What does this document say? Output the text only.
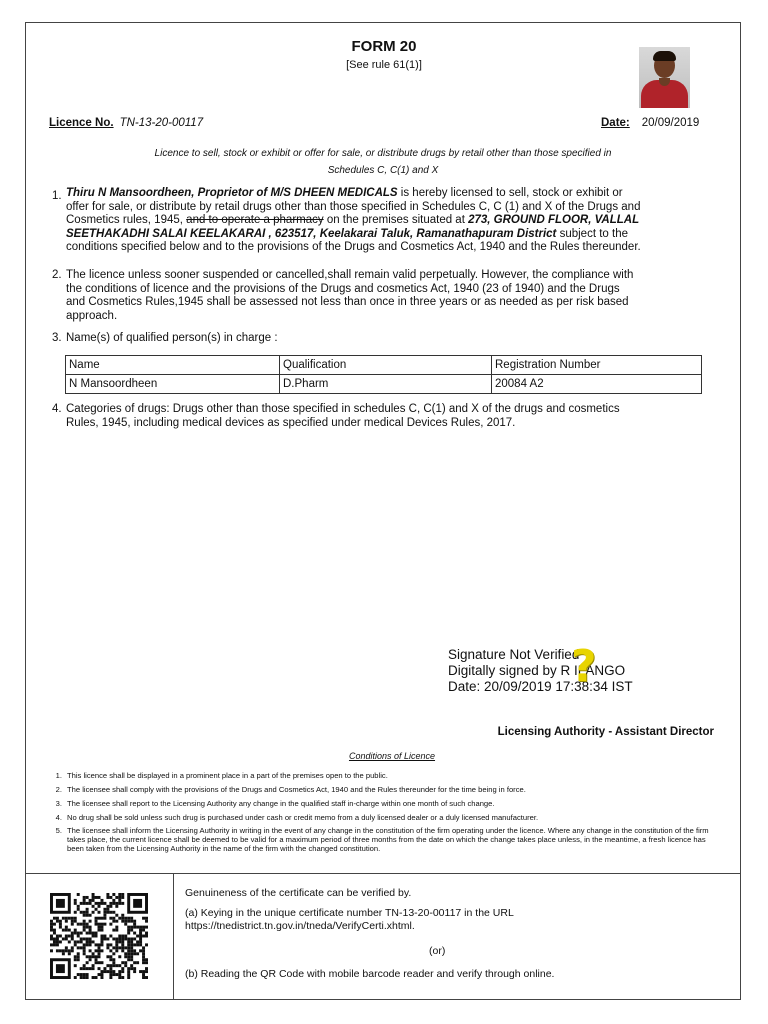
FORM 20
[See rule 61(1)]
Licence No. TN-13-20-00117	Date: 20/09/2019
Licence to sell, stock or exhibit or offer for sale, or distribute drugs by retail other than those specified in
Schedules C, C(1) and X
1. Thiru N Mansoordheen, Proprietor of M/S DHEEN MEDICALS is hereby licensed to sell, stock or exhibit or
offer for sale, or distribute by retail drugs other than those specified in Schedules C, C (1) and X of the Drugs and
Cosmetics rules, 1945, and to operate a pharmacy on the premises situated at 273, GROUND FLOOR, VALLAL
SEETHAKADHI SALAI KEELAKARAI , 623517, Keelakarai Taluk, Ramanathapuram District subject to the
conditions specified below and to the provisions of the Drugs and Cosmetics Act, 1940 and the Rules thereunder.
2. The licence unless sooner suspended or cancelled,shall remain valid perpetually. However, the compliance with
the conditions of licence and the provisions of the Drugs and cosmetics Act, 1940 (23 of 1940) and the Drugs
and Cosmetics Rules,1945 shall be assessed not less than once in three years or as needed as per risk based
approach.
3. Name(s) of qualified person(s) in charge :
Name	Qualification	Registration Number
N Mansoordheen	D.Pharm	20084 A2
4. Categories of drugs: Drugs other than those specified in schedules C, C(1) and X of the drugs and cosmetics
Rules, 1945, including medical devices as specified under medical Devices Rules, 2017.
Signature Not Verified
Digitally signed by R ILANGO
Date: 20/09/2019 17:38:34 IST
?
Licensing Authority - Assistant Director
Conditions of Licence
1. This licence shall be displayed in a prominent place in a part of the premises open to the public.
2. The licensee shall comply with the provisions of the Drugs and Cosmetics Act, 1940 and the Rules thereunder for the time being in force.
3. The licensee shall report to the Licensing Authority any change in the qualified staff in-charge within one month of such change.
4. No drug shall be sold unless such drug is purchased under cash or credit memo from a duly licensed dealer or a duly licensed manufacturer.
5. The licensee shall inform the Licensing Authority in writing in the event of any change in the constitution of the firm operating under the licence. Where any change in the constitution of the firm takes place, the current licence shall be deemed to be valid for a maximum period of three months from the date on which the change takes place unless, in the meantime, a fresh licence has been taken from the Licensing Authority in the name of the firm with the changed constitution.
Genuineness of the certificate can be verified by.
(a) Keying in the unique certificate number TN-13-20-00117 in the URL
https://tnedistrict.tn.gov.in/tneda/VerifyCerti.xhtml.
(or)
(b) Reading the QR Code with mobile barcode reader and verify through online.
